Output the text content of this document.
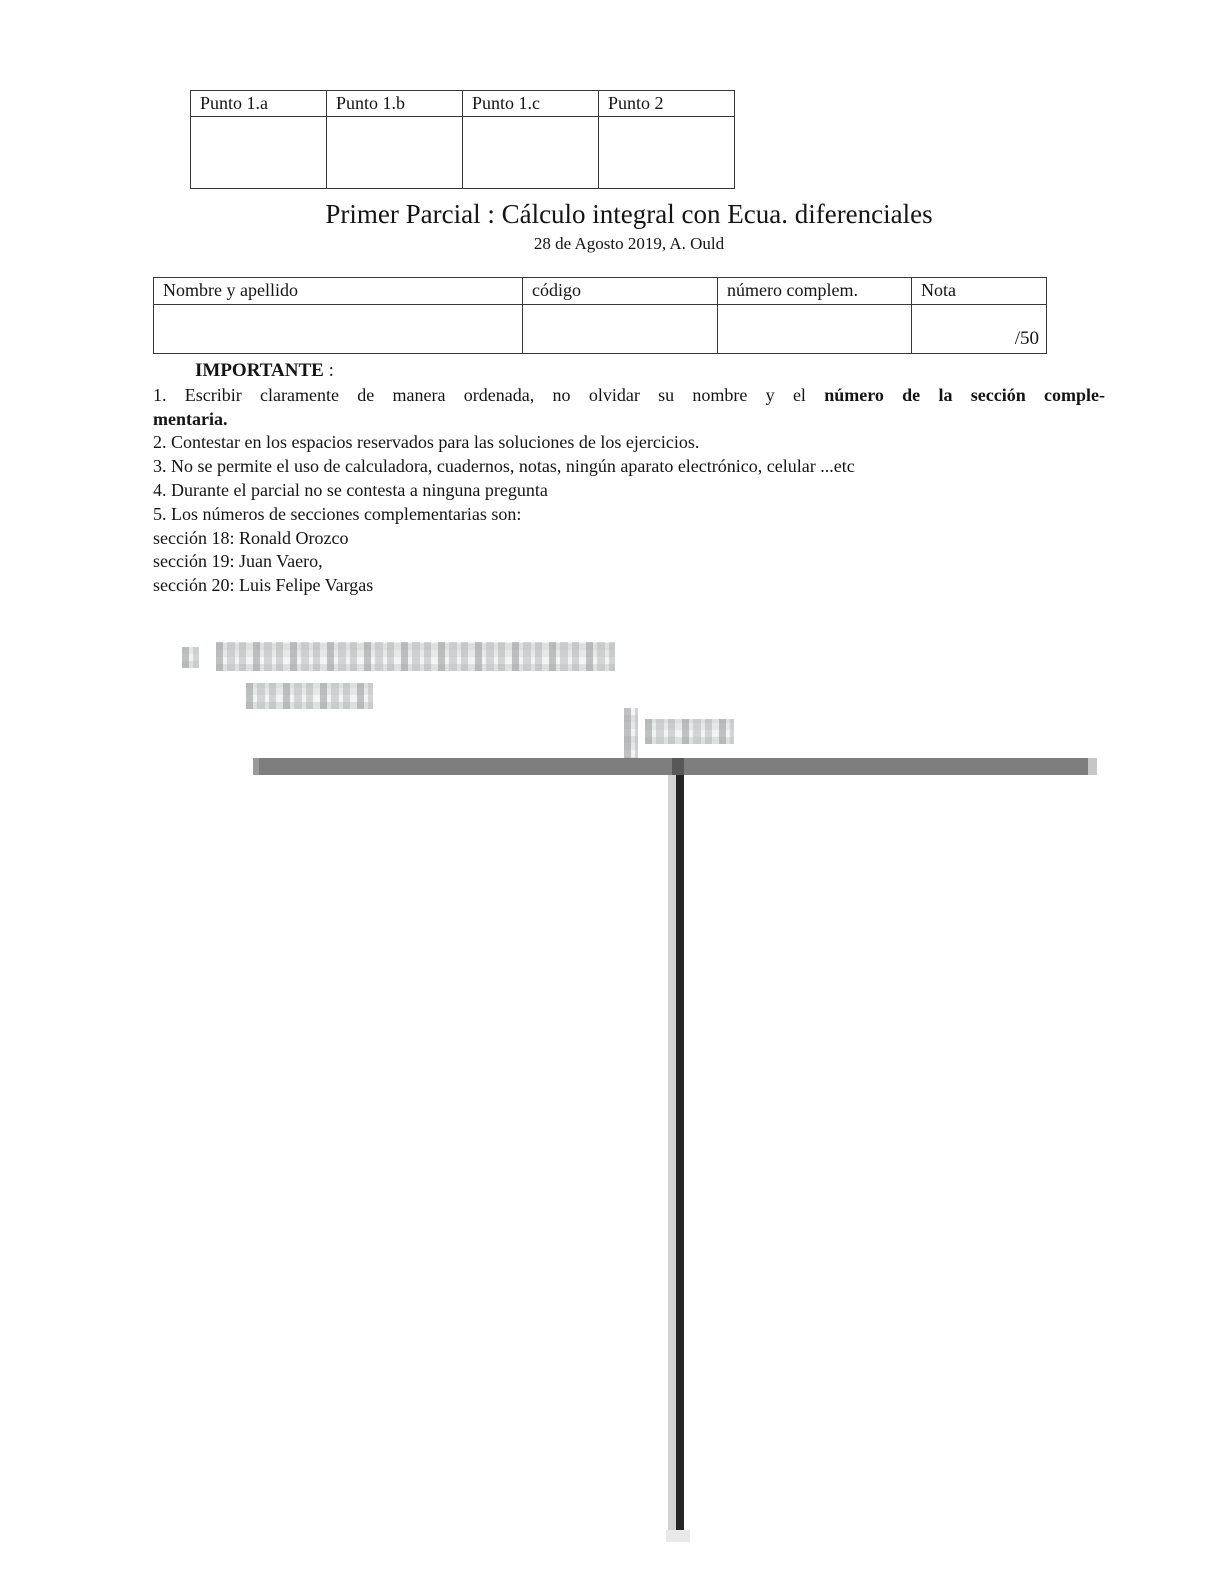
Punto 1.a	Punto 1.b	Punto 1.c	Punto 2

Primer Parcial : Cálculo integral con Ecua. diferenciales
28 de Agosto 2019, A. Ould
Nombre y apellido	código	número complem.	Nota

			/50
IMPORTANTE :
1. Escribir claramente de manera ordenada, no olvidar su nombre y el número de la sección comple-
mentaria.
2. Contestar en los espacios reservados para las soluciones de los ejercicios.
3. No se permite el uso de calculadora, cuadernos, notas, ningún aparato electrónico, celular ...etc
4. Durante el parcial no se contesta a ninguna pregunta
5. Los números de secciones complementarias son:
sección 18: Ronald Orozco
sección 19: Juan Vaero,
sección 20: Luis Felipe Vargas
